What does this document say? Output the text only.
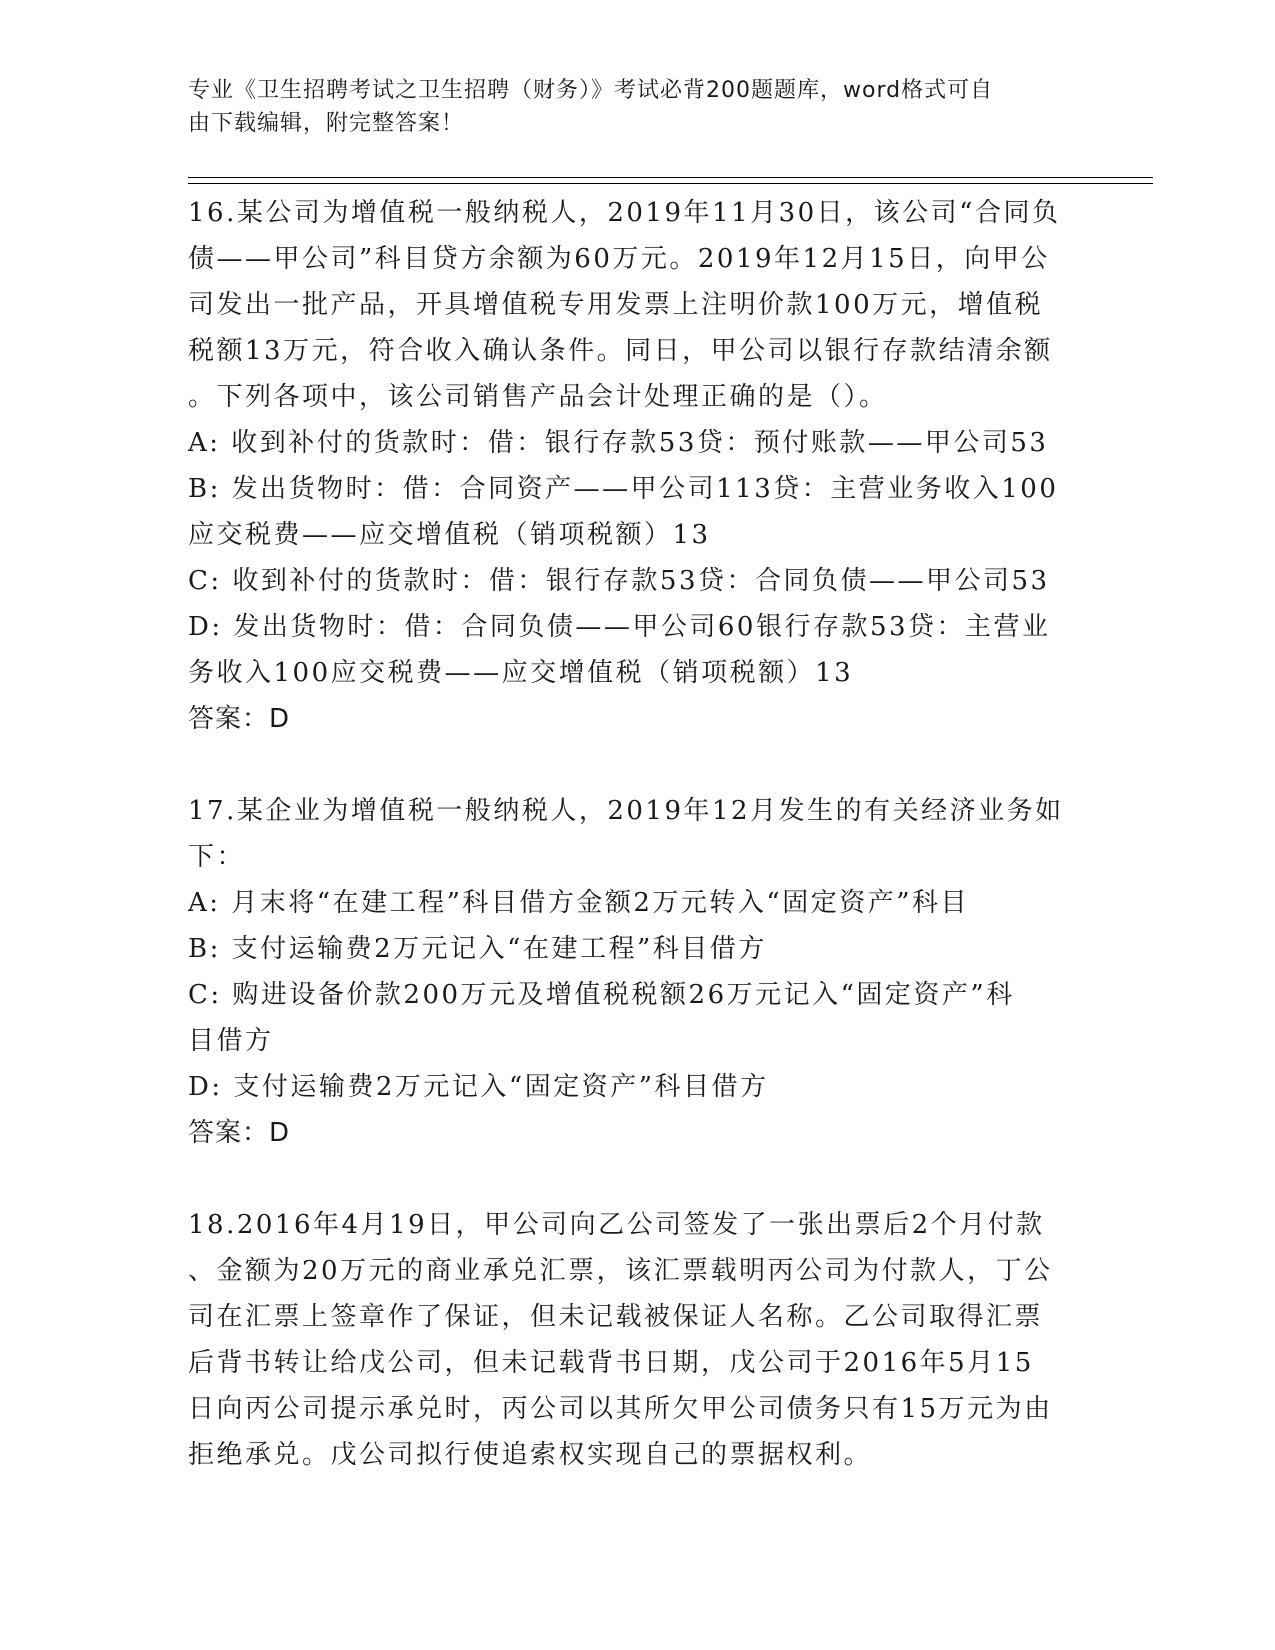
专业《卫生招聘考试之卫生招聘（财务）》考试必背200题题库，word格式可自
由下载编辑，附完整答案！
16.某公司为增值税一般纳税人，2019年11月30日，该公司“合同负
债——甲公司”科目贷方余额为60万元。2019年12月15日，向甲公
司发出一批产品，开具增值税专用发票上注明价款100万元，增值税
税额13万元，符合收入确认条件。同日，甲公司以银行存款结清余额
。下列各项中，该公司销售产品会计处理正确的是（）。
A: 收到补付的货款时：借：银行存款53贷：预付账款——甲公司53
B: 发出货物时：借：合同资产——甲公司113贷：主营业务收入100
应交税费——应交增值税（销项税额）13
C: 收到补付的货款时：借：银行存款53贷：合同负债——甲公司53
D: 发出货物时：借：合同负债——甲公司60银行存款53贷：主营业
务收入100应交税费——应交增值税（销项税额）13
答案：D
17.某企业为增值税一般纳税人，2019年12月发生的有关经济业务如
下：
A: 月末将“在建工程”科目借方金额2万元转入“固定资产”科目
B: 支付运输费2万元记入“在建工程”科目借方
C: 购进设备价款200万元及增值税税额26万元记入“固定资产”科
目借方
D: 支付运输费2万元记入“固定资产”科目借方
答案：D
18.2016年4月19日，甲公司向乙公司签发了一张出票后2个月付款
、金额为20万元的商业承兑汇票，该汇票载明丙公司为付款人，丁公
司在汇票上签章作了保证，但未记载被保证人名称。乙公司取得汇票
后背书转让给戊公司，但未记载背书日期，戊公司于2016年5月15
日向丙公司提示承兑时，丙公司以其所欠甲公司债务只有15万元为由
拒绝承兑。戊公司拟行使追索权实现自己的票据权利。
